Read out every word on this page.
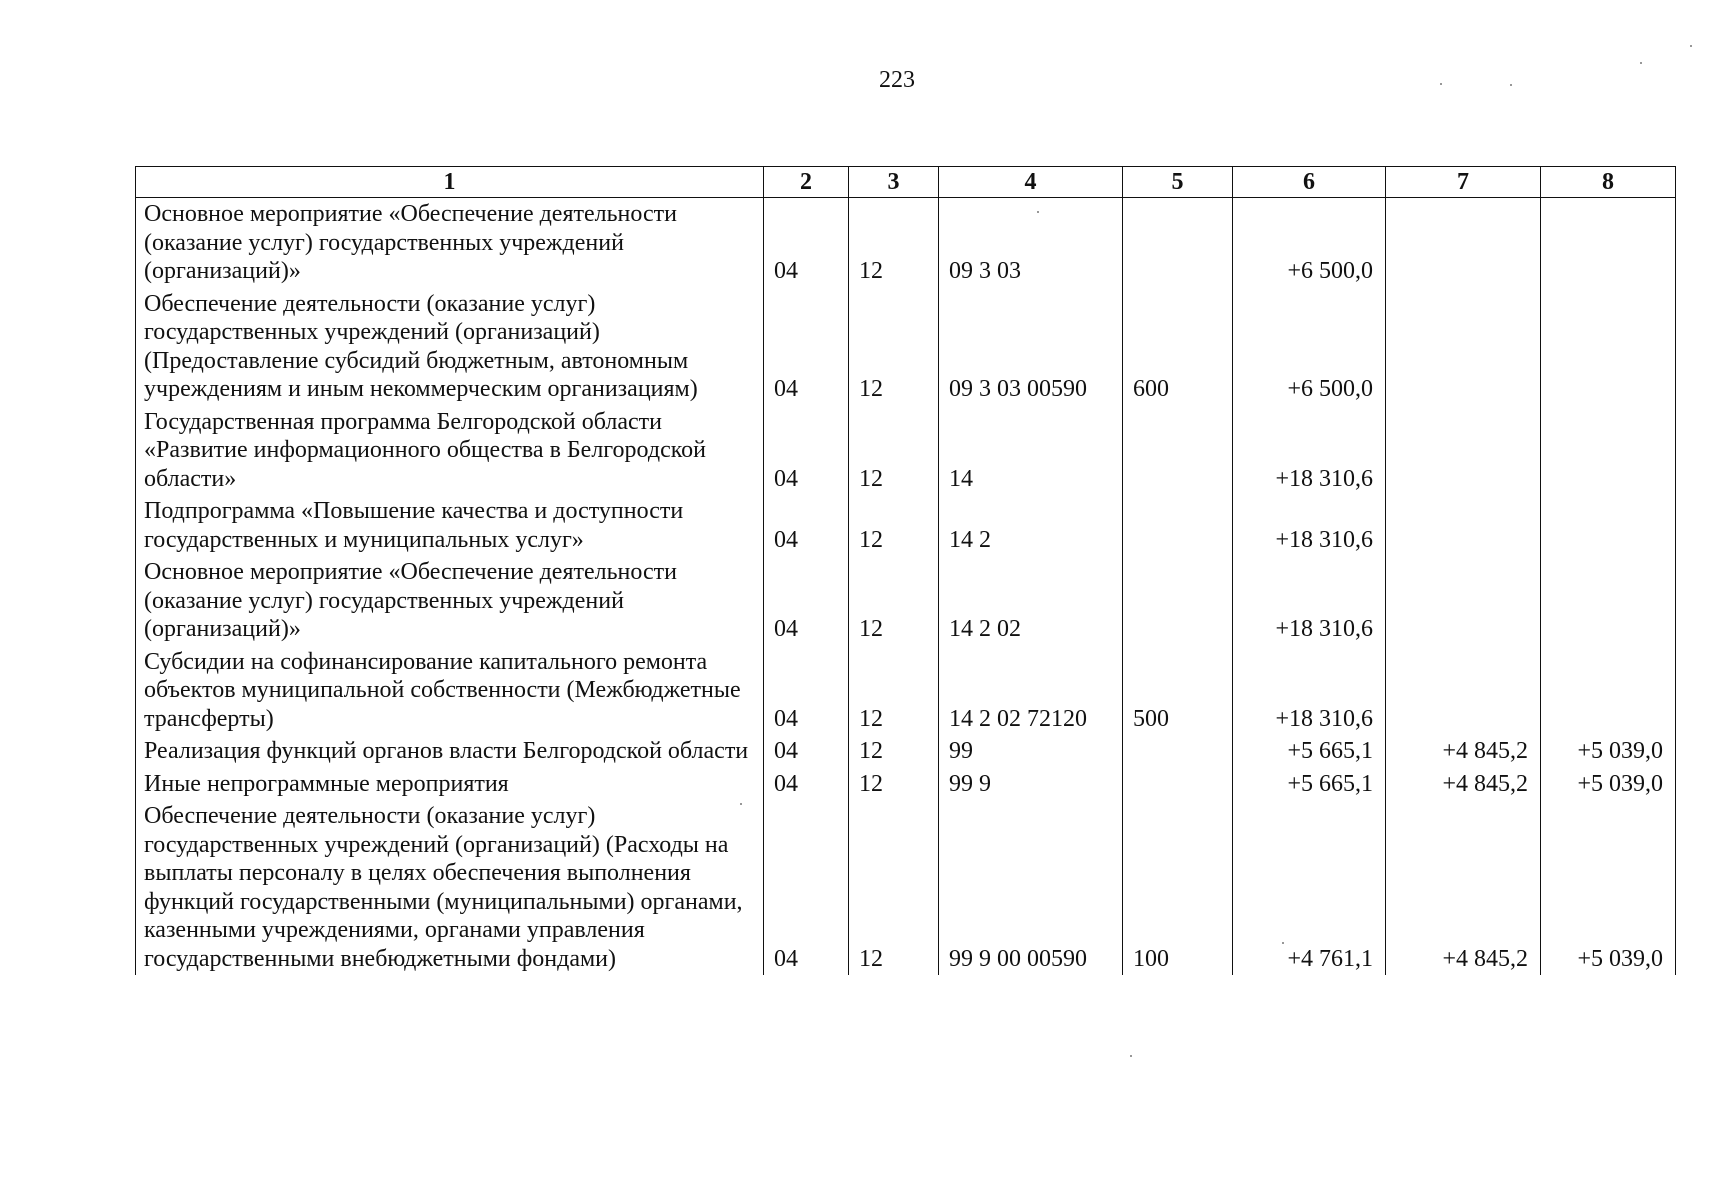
223
1	2	3	4	5	6	7	8
Основное мероприятие «Обеспечение деятельности (оказание услуг) государственных учреждений (организаций)»	04	12	09 3 03		+6 500,0		
Обеспечение деятельности (оказание услуг) государственных учреждений (организаций) (Предоставление субсидий бюджетным, автономным учреждениям и иным некоммерческим организациям)	04	12	09 3 03 00590	600	+6 500,0		
Государственная программа Белгородской области «Развитие информационного общества в Белгородской области»	04	12	14		+18 310,6		
Подпрограмма «Повышение качества и доступности государственных и муниципальных услуг»	04	12	14 2		+18 310,6		
Основное мероприятие «Обеспечение деятельности (оказание услуг) государственных учреждений (организаций)»	04	12	14 2 02		+18 310,6		
Субсидии на софинансирование капитального ремонта объектов муниципальной собственности (Межбюджетные трансферты)	04	12	14 2 02 72120	500	+18 310,6		
Реализация функций органов власти Белгородской области	04	12	99		+5 665,1	+4 845,2	+5 039,0
Иные непрограммные мероприятия	04	12	99 9		+5 665,1	+4 845,2	+5 039,0
Обеспечение деятельности (оказание услуг) государственных учреждений (организаций) (Расходы на выплаты персоналу в целях обеспечения выполнения функций государственными (муниципальными) органами, казенными учреждениями, органами управления государственными внебюджетными фондами)	04	12	99 9 00 00590	100	+4 761,1	+4 845,2	+5 039,0
